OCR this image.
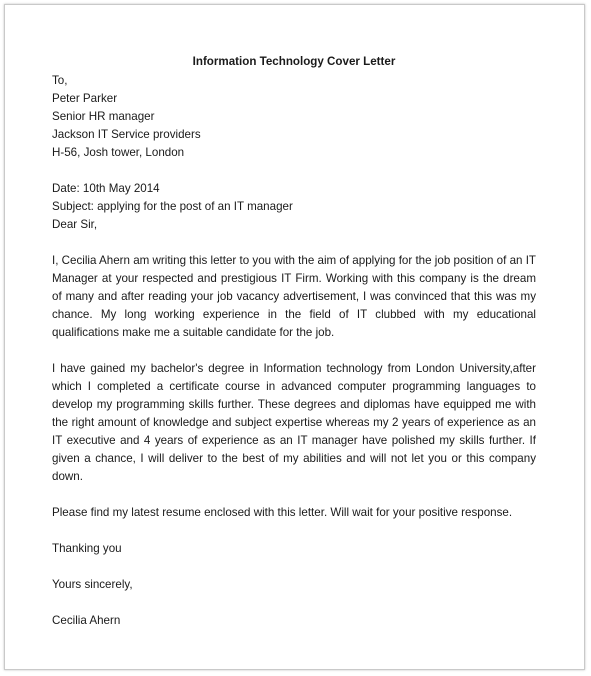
Information Technology Cover Letter

To,

Peter Parker

Senior HR manager

Jackson IT Service providers

H-56, Josh tower, London

Date: 10th May 2014

Subject: applying for the post of an IT manager

Dear Sir,

I, Cecilia Ahern am writing this letter to you with the aim of applying for the job position of an IT Manager at your respected and prestigious IT Firm. Working with this company is the dream of many and after reading your job vacancy advertisement, I was convinced that this was my chance. My long working experience in the field of IT clubbed with my educational qualifications make me a suitable candidate for the job.

I have gained my bachelor's degree in Information technology from London University,after which I completed a certificate course in advanced computer programming languages to develop my programming skills further. These degrees and diplomas have equipped me with the right amount of knowledge and subject expertise whereas my 2 years of experience as an IT executive and 4 years of experience as an IT manager have polished my skills further. If given a chance, I will deliver to the best of my abilities and will not let you or this company down.

Please find my latest resume enclosed with this letter. Will wait for your positive response.

Thanking you

Yours sincerely,

Cecilia Ahern
